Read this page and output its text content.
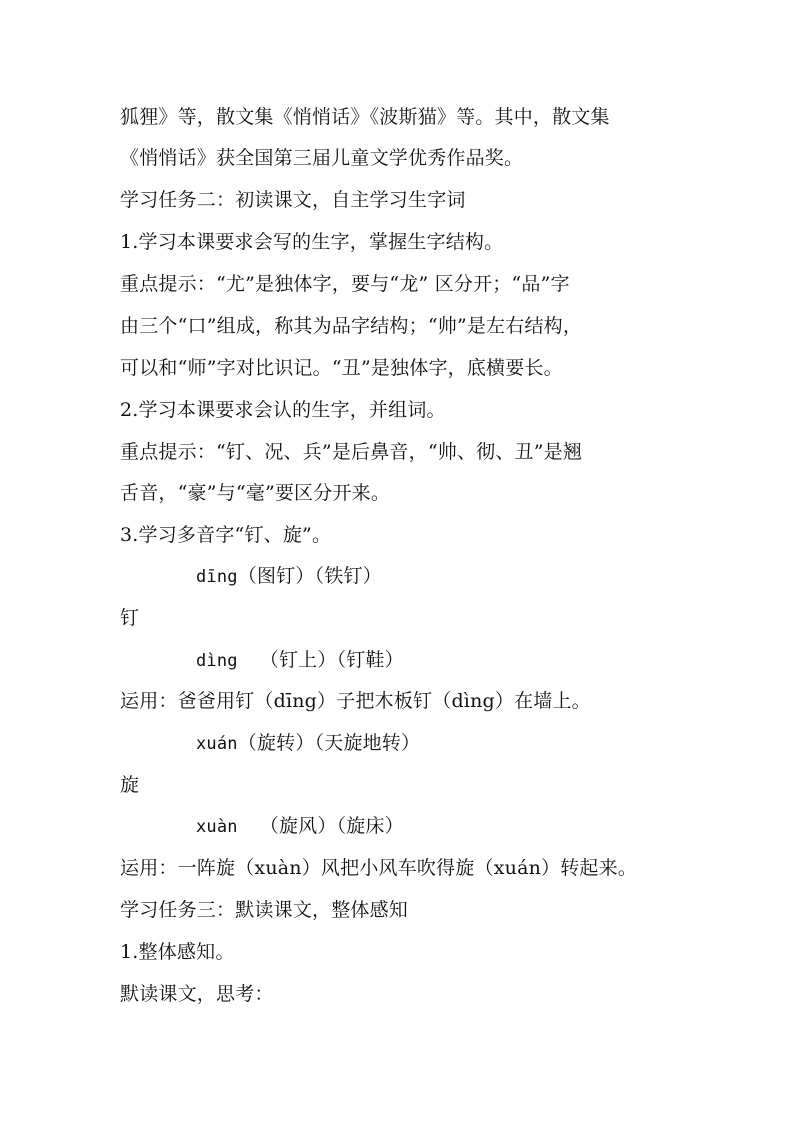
狐狸》等，散文集《悄悄话》《波斯猫》等。其中，散文集
《悄悄话》获全国第三届儿童文学优秀作品奖。
学习任务二：初读课文，自主学习生字词
1.学习本课要求会写的生字，掌握生字结构。
重点提示：“尤”是独体字，要与“龙” 区分开；“品”字
由三个“口”组成，称其为品字结构；“帅”是左右结构，
可以和“师”字对比识记。“丑”是独体字，底横要长。
2.学习本课要求会认的生字，并组词。
重点提示：“钉、况、兵”是后鼻音，“帅、彻、丑”是翘
舌音，“豪”与“毫”要区分开来。
3.学习多音字“钉、旋”。
dīng（图钉）（铁钉）
钉
dìng （钉上）（钉鞋）
运用：爸爸用钉（dīng）子把木板钉（dìng）在墙上。
xuán（旋转）（天旋地转）
旋
xuàn （旋风）（旋床）
运用：一阵旋（xuàn）风把小风车吹得旋（xuán）转起来。
学习任务三：默读课文，整体感知
1.整体感知。
默读课文，思考：
